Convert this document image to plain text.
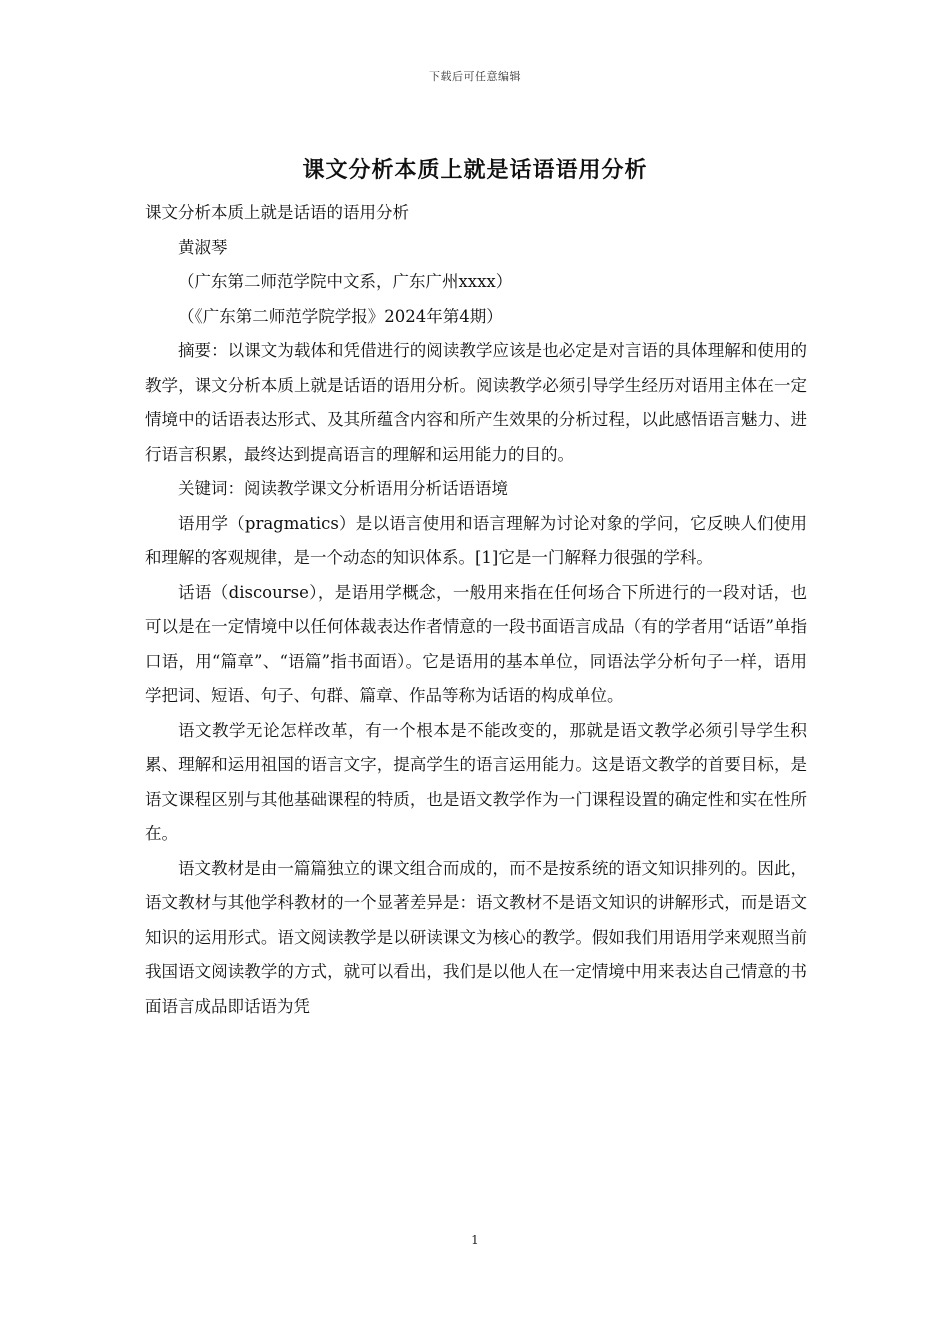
下载后可任意编辑
课文分析本质上就是话语语用分析

课文分析本质上就是话语的语用分析

黄淑琴

（广东第二师范学院中文系，广东广州xxxx）

（《广东第二师范学院学报》2024年第4期）

摘要：以课文为载体和凭借进行的阅读教学应该是也必定是对言语的具体理解和使用的教学，课文分析本质上就是话语的语用分析。阅读教学必须引导学生经历对语用主体在一定情境中的话语表达形式、及其所蕴含内容和所产生效果的分析过程，以此感悟语言魅力、进行语言积累，最终达到提高语言的理解和运用能力的目的。

关键词：阅读教学课文分析语用分析话语语境

语用学（pragmatics）是以语言使用和语言理解为讨论对象的学问，它反映人们使用和理解的客观规律，是一个动态的知识体系。[1]它是一门解释力很强的学科。

话语（discourse），是语用学概念，一般用来指在任何场合下所进行的一段对话，也可以是在一定情境中以任何体裁表达作者情意的一段书面语言成品（有的学者用“话语”单指口语，用“篇章”、“语篇”指书面语）。它是语用的基本单位，同语法学分析句子一样，语用学把词、短语、句子、句群、篇章、作品等称为话语的构成单位。

语文教学无论怎样改革，有一个根本是不能改变的，那就是语文教学必须引导学生积累、理解和运用祖国的语言文字，提高学生的语言运用能力。这是语文教学的首要目标，是语文课程区别与其他基础课程的特质，也是语文教学作为一门课程设置的确定性和实在性所在。

语文教材是由一篇篇独立的课文组合而成的，而不是按系统的语文知识排列的。因此，语文教材与其他学科教材的一个显著差异是：语文教材不是语文知识的讲解形式，而是语文知识的运用形式。语文阅读教学是以研读课文为核心的教学。假如我们用语用学来观照当前我国语文阅读教学的方式，就可以看出，我们是以他人在一定情境中用来表达自己情意的书面语言成品即话语为凭

1
